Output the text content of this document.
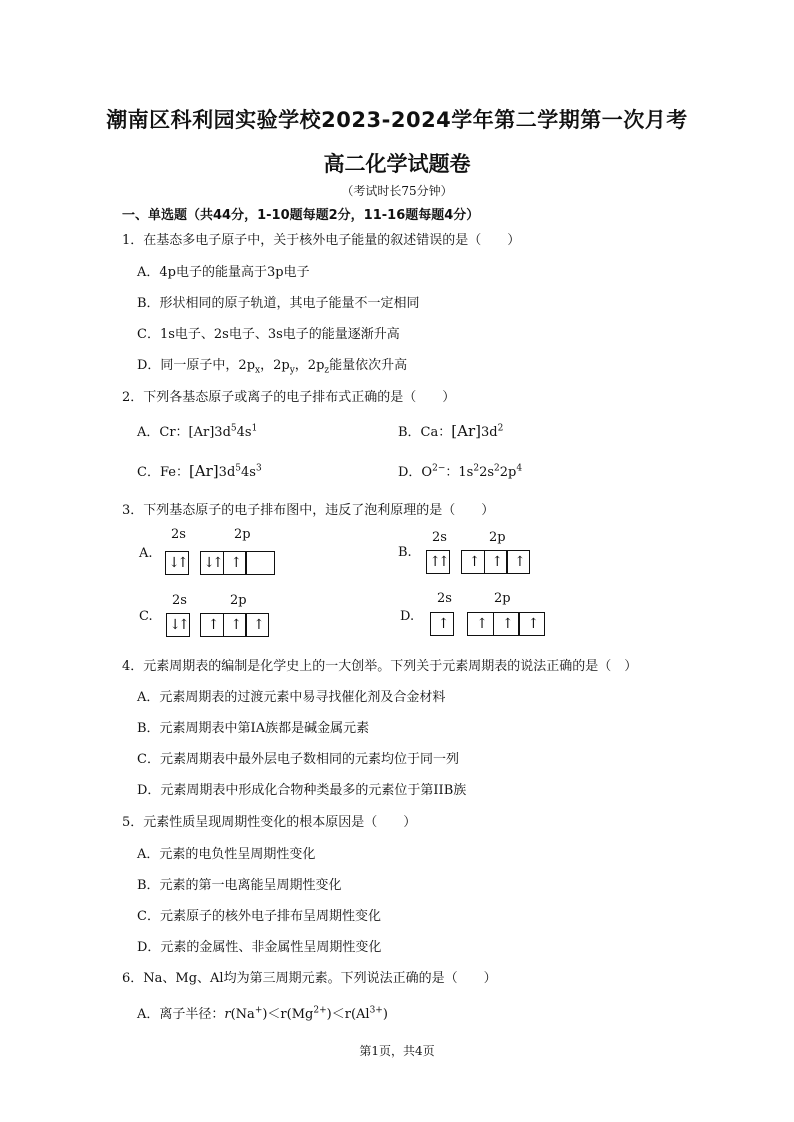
潮南区科利园实验学校2023-2024学年第二学期第一次月考
高二化学试题卷
（考试时长75分钟）
一、单选题（共44分，1-10题每题2分，11-16题每题4分）
1．在基态多电子原子中，关于核外电子能量的叙述错误的是（　　）
A．4p电子的能量高于3p电子
B．形状相同的原子轨道，其电子能量不一定相同
C．1s电子、2s电子、3s电子的能量逐渐升高
D．同一原子中，$2p_x$，$2p_y$，$2p_z$能量依次升高
2．下列各基态原子或离子的电子排布式正确的是（　　）
A．Cr：$[Ar]3d^54s^1$	B．Ca：$[Ar]3d^2$
C．Fe：$[Ar]3d^54s^3$	D．$O^{2-}$：$1s^22s^22p^4$
3．下列基态原子的电子排布图中，违反了泡利原理的是（　　）
A.
2s	2p
↓↑ ↓↑ ↑
B.
2s	2p
↑↑	↑ ↑ ↑
C.
2s	2p
↓↑	↑ ↑ ↑
D.
2s	2p
↑	↑	↑	↑
4．元素周期表的编制是化学史上的一大创举。下列关于元素周期表的说法正确的是（　）
A．元素周期表的过渡元素中易寻找催化剂及合金材料
B．元素周期表中第IA族都是碱金属元素
C．元素周期表中最外层电子数相同的元素均位于同一列
D．元素周期表中形成化合物种类最多的元素位于第IIB族
5．元素性质呈现周期性变化的根本原因是（　　）
A．元素的电负性呈周期性变化
B．元素的第一电离能呈周期性变化
C．元素原子的核外电子排布呈周期性变化
D．元素的金属性、非金属性呈周期性变化
6．Na、Mg、Al均为第三周期元素。下列说法正确的是（　　）
A．离子半径：$r(Na^+)<r(Mg^{2+})<r(Al^{3+})$
第1页，共4页
